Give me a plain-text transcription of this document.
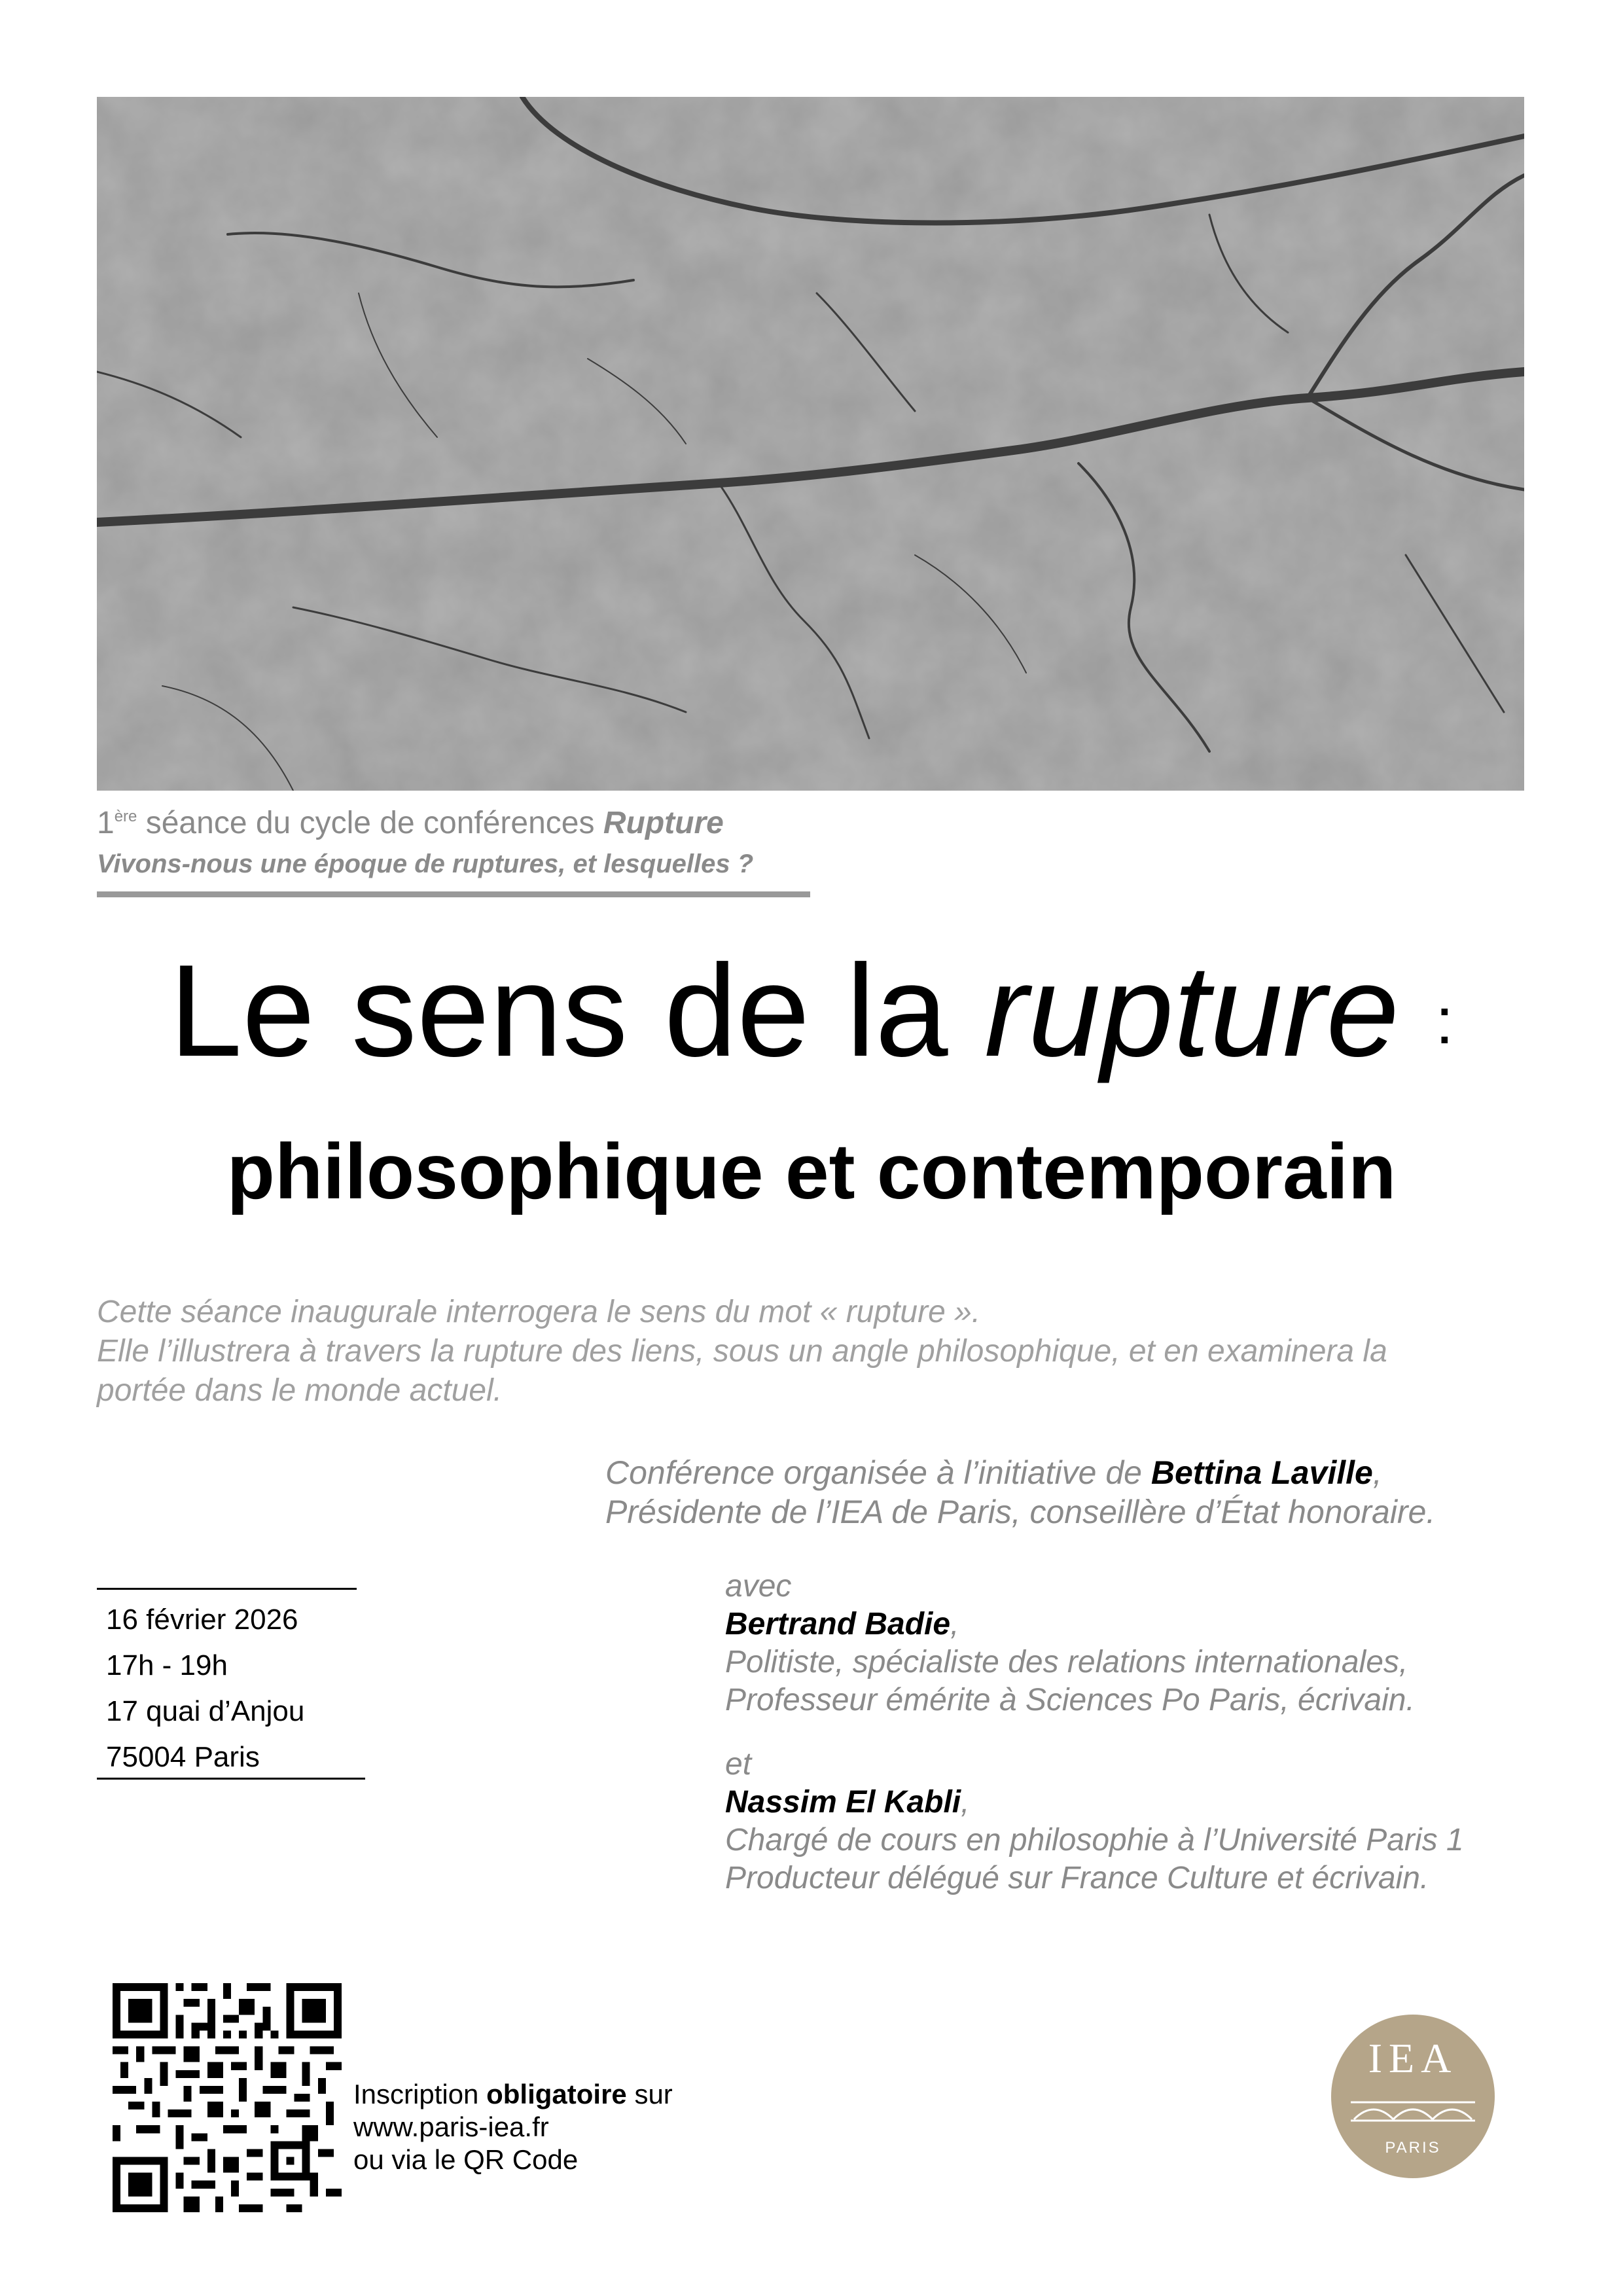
1ère séance du cycle de conférences Rupture
Vivons-nous une époque de ruptures, et lesquelles ?
Le sens de la rupture :
philosophique et contemporain
Cette séance inaugurale interrogera le sens du mot « rupture ».
Elle l’illustrera à travers la rupture des liens, sous un angle philosophique, et en examinera la
portée dans le monde actuel.
Conférence organisée à l’initiative de Bettina Laville,
Présidente de l’IEA de Paris, conseillère d’État honoraire.
16 février 2026
17h - 19h
17 quai d’Anjou
75004 Paris
avec
Bertrand Badie,
Politiste, spécialiste des relations internationales,
Professeur émérite à Sciences Po Paris, écrivain.
et
Nassim El Kabli,
Chargé de cours en philosophie à l’Université Paris 1
Producteur délégué sur France Culture et écrivain.
Inscription obligatoire sur
www.paris-iea.fr
ou via le QR Code
IEA
PARIS
